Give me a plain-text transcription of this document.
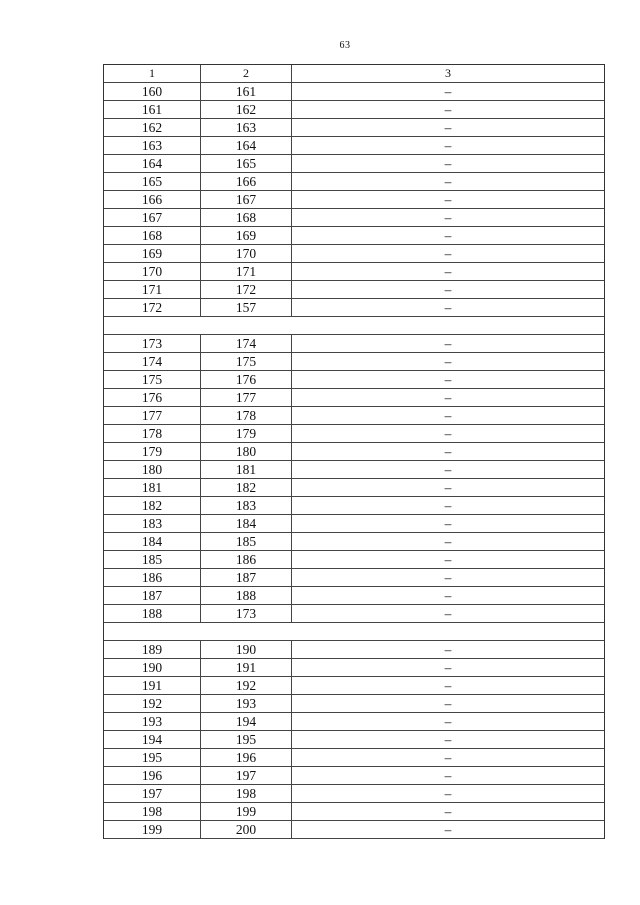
63
1	2	3
160	161	–
161	162	–
162	163	–
163	164	–
164	165	–
165	166	–
166	167	–
167	168	–
168	169	–
169	170	–
170	171	–
171	172	–
172	157	–
173	174	–
174	175	–
175	176	–
176	177	–
177	178	–
178	179	–
179	180	–
180	181	–
181	182	–
182	183	–
183	184	–
184	185	–
185	186	–
186	187	–
187	188	–
188	173	–
189	190	–
190	191	–
191	192	–
192	193	–
193	194	–
194	195	–
195	196	–
196	197	–
197	198	–
198	199	–
199	200	–
